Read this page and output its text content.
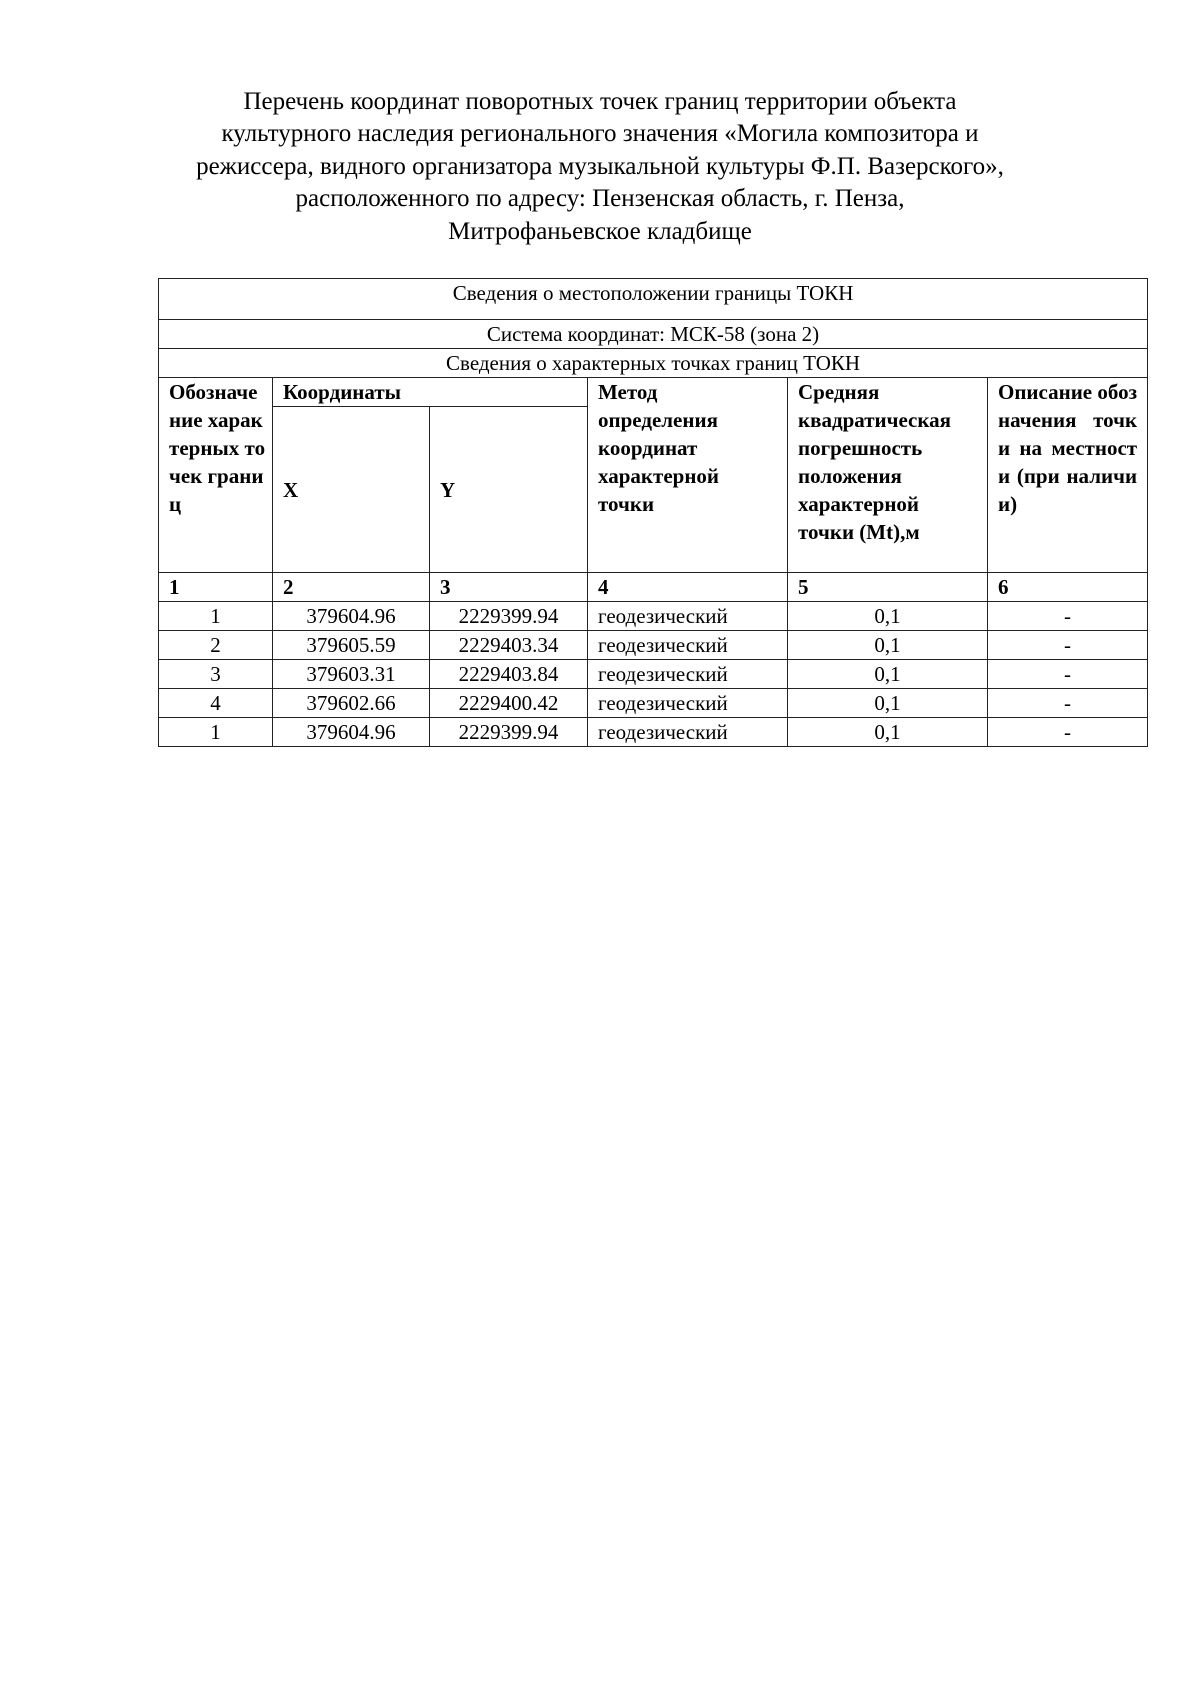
Перечень координат поворотных точек границ территории объекта
культурного наследия регионального значения «Могила композитора и
режиссера, видного организатора музыкальной культуры Ф.П. Вазерского»,
расположенного по адресу: Пензенская область, г. Пенза,
Митрофаньевское кладбище
Сведения о местоположении границы ТОКН					
Система координат: МСК-58 (зона 2)					
Сведения о характерных точках границ ТОКН					
Обозначение характерных точек границ	Координаты		Метод определения координат характерной точки	Средняя квадратическая погрешность положения характерной точки (Mt),м	Описание обозначения точки на местности (при наличии)
	X	Y			
1	2	3	4	5	6
1	379604.96	2229399.94	геодезический	0,1	-
2	379605.59	2229403.34	геодезический	0,1	-
3	379603.31	2229403.84	геодезический	0,1	-
4	379602.66	2229400.42	геодезический	0,1	-
1	379604.96	2229399.94	геодезический	0,1	-
